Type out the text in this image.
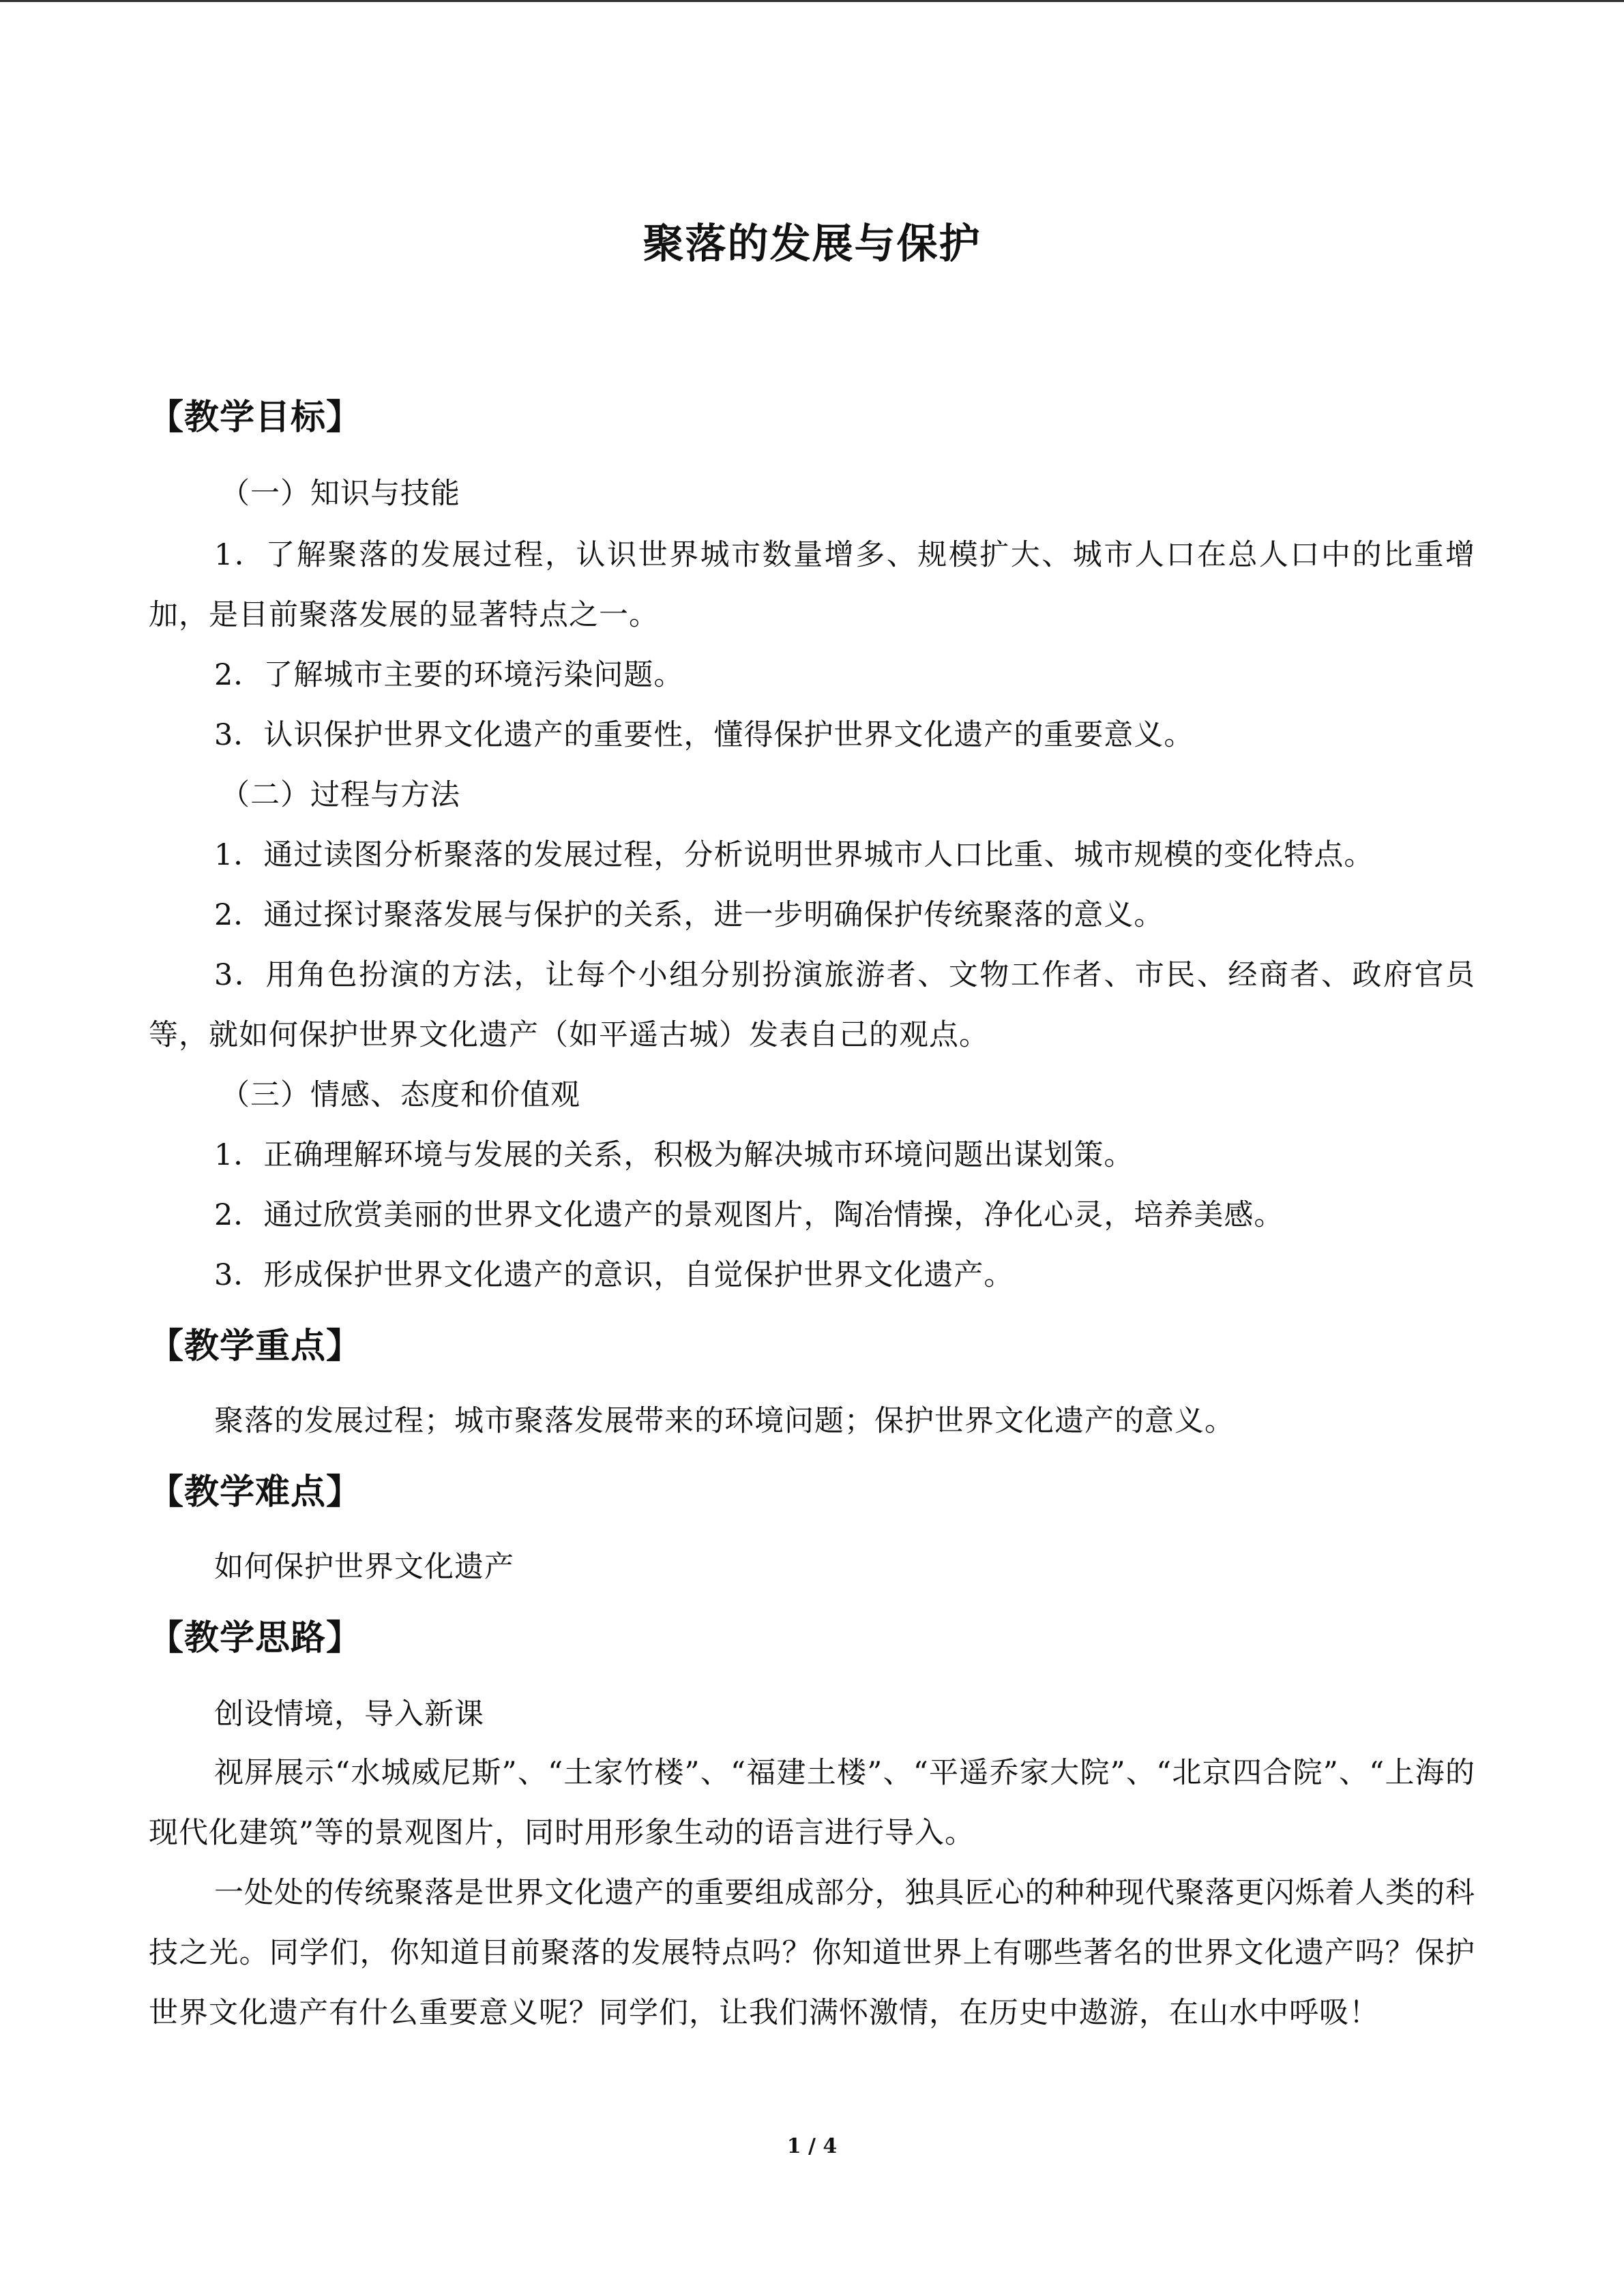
聚落的发展与保护
【教学目标】
（一）知识与技能
1．了解聚落的发展过程，认识世界城市数量增多、规模扩大、城市人口在总人口中的比重增加，是目前聚落发展的显著特点之一。
2．了解城市主要的环境污染问题。
3．认识保护世界文化遗产的重要性，懂得保护世界文化遗产的重要意义。
（二）过程与方法
1．通过读图分析聚落的发展过程，分析说明世界城市人口比重、城市规模的变化特点。
2．通过探讨聚落发展与保护的关系，进一步明确保护传统聚落的意义。
3．用角色扮演的方法，让每个小组分别扮演旅游者、文物工作者、市民、经商者、政府官员等，就如何保护世界文化遗产（如平遥古城）发表自己的观点。
（三）情感、态度和价值观
1．正确理解环境与发展的关系，积极为解决城市环境问题出谋划策。
2．通过欣赏美丽的世界文化遗产的景观图片，陶冶情操，净化心灵，培养美感。
3．形成保护世界文化遗产的意识，自觉保护世界文化遗产。
【教学重点】
聚落的发展过程；城市聚落发展带来的环境问题；保护世界文化遗产的意义。
【教学难点】
如何保护世界文化遗产
【教学思路】
创设情境，导入新课
视屏展示“水城威尼斯”、“土家竹楼”、“福建土楼”、“平遥乔家大院”、“北京四合院”、“上海的现代化建筑”等的景观图片，同时用形象生动的语言进行导入。
一处处的传统聚落是世界文化遗产的重要组成部分，独具匠心的种种现代聚落更闪烁着人类的科技之光。同学们，你知道目前聚落的发展特点吗？你知道世界上有哪些著名的世界文化遗产吗？保护世界文化遗产有什么重要意义呢？同学们，让我们满怀激情，在历史中遨游，在山水中呼吸！
1 / 4
